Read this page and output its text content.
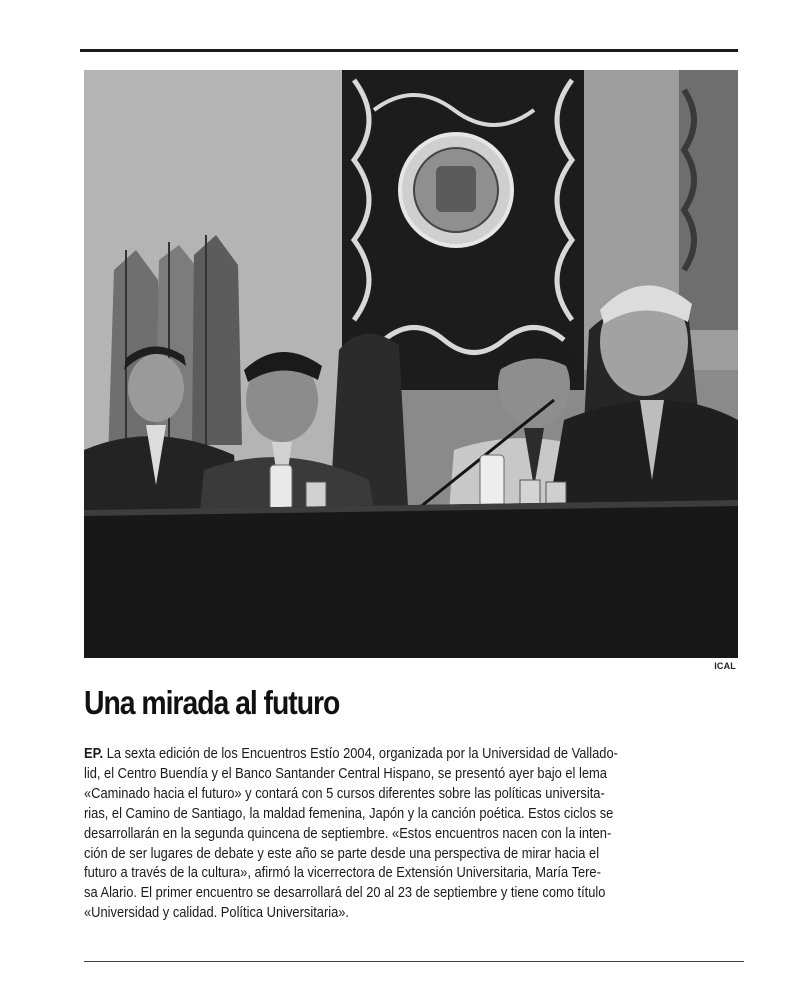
ICAL
Una mirada al futuro

EP. La sexta edición de los Encuentros Estío 2004, organizada por la Universidad de Vallado-
lid, el Centro Buendía y el Banco Santander Central Hispano, se presentó ayer bajo el lema
«Caminado hacia el futuro» y contará con 5 cursos diferentes sobre las políticas universita-
rias, el Camino de Santiago, la maldad femenina, Japón y la canción poética. Estos ciclos se
desarrollarán en la segunda quincena de septiembre. «Estos encuentros nacen con la inten-
ción de ser lugares de debate y este año se parte desde una perspectiva de mirar hacia el
futuro a través de la cultura», afirmó la vicerrectora de Extensión Universitaria, María Tere-
sa Alario. El primer encuentro se desarrollará del 20 al 23 de septiembre y tiene como título
«Universidad y calidad. Política Universitaria».
